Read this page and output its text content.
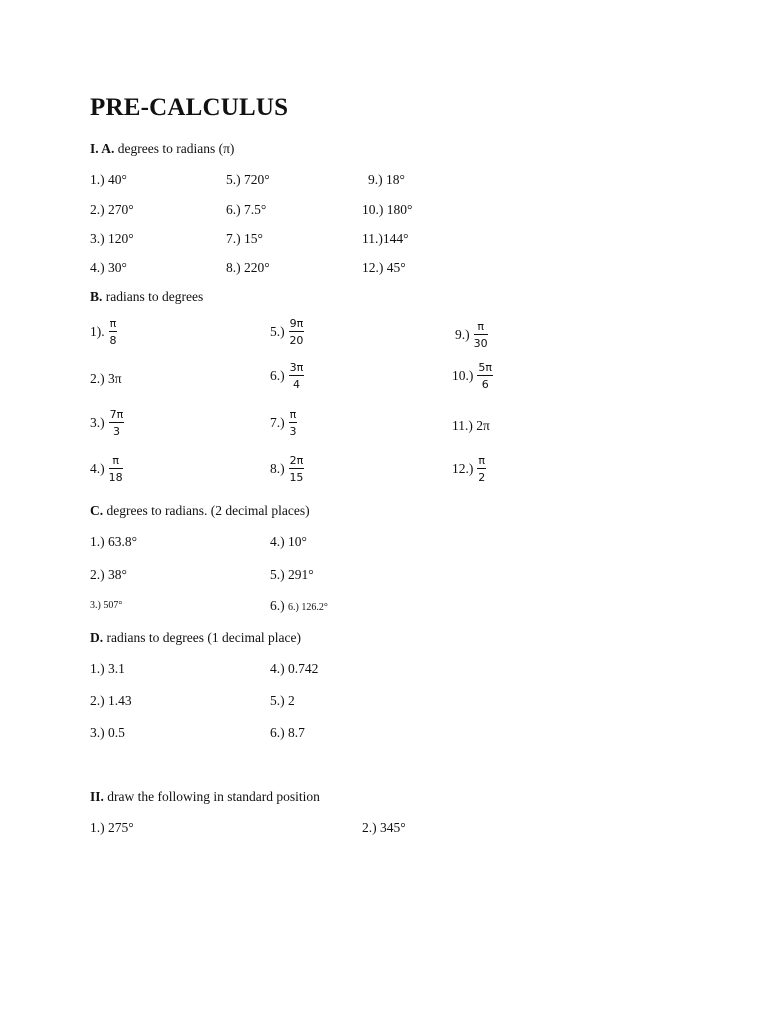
PRE-CALCULUS
I. A. degrees to radians (π)
1.) 40°
2.) 270°
3.) 120°
4.) 30°
5.) 720°
6.) 7.5°
7.) 15°
8.) 220°
9.) 18°
10.) 180°
11.)144°
12.) 45°
B. radians to degrees
1). $\frac{\pi}{8}$
2.) 3π
$3.) \frac{7\pi}{3}$
$4.) \frac{\pi}{18}$
$5.) \frac{9\pi}{20}$
$6.) \frac{3\pi}{4}$
$7.) \frac{\pi}{3}$
$8.) \frac{2\pi}{15}$
$9.) \frac{\pi}{30}$
$10.) \frac{5\pi}{6}$
11.) 2π
$12.) \frac{\pi}{2}$
C. degrees to radians. (2 decimal places)
1.) 63.8°
2.) 38°
3.) 507°
4.) 10°
5.) 291°
6.) 6.) 126.2°
D. radians to degrees (1 decimal place)
1.) 3.1
2.) 1.43
3.) 0.5
4.) 0.742
5.) 2
6.) 8.7
II. draw the following in standard position
1.) 275°	2.) 345°
